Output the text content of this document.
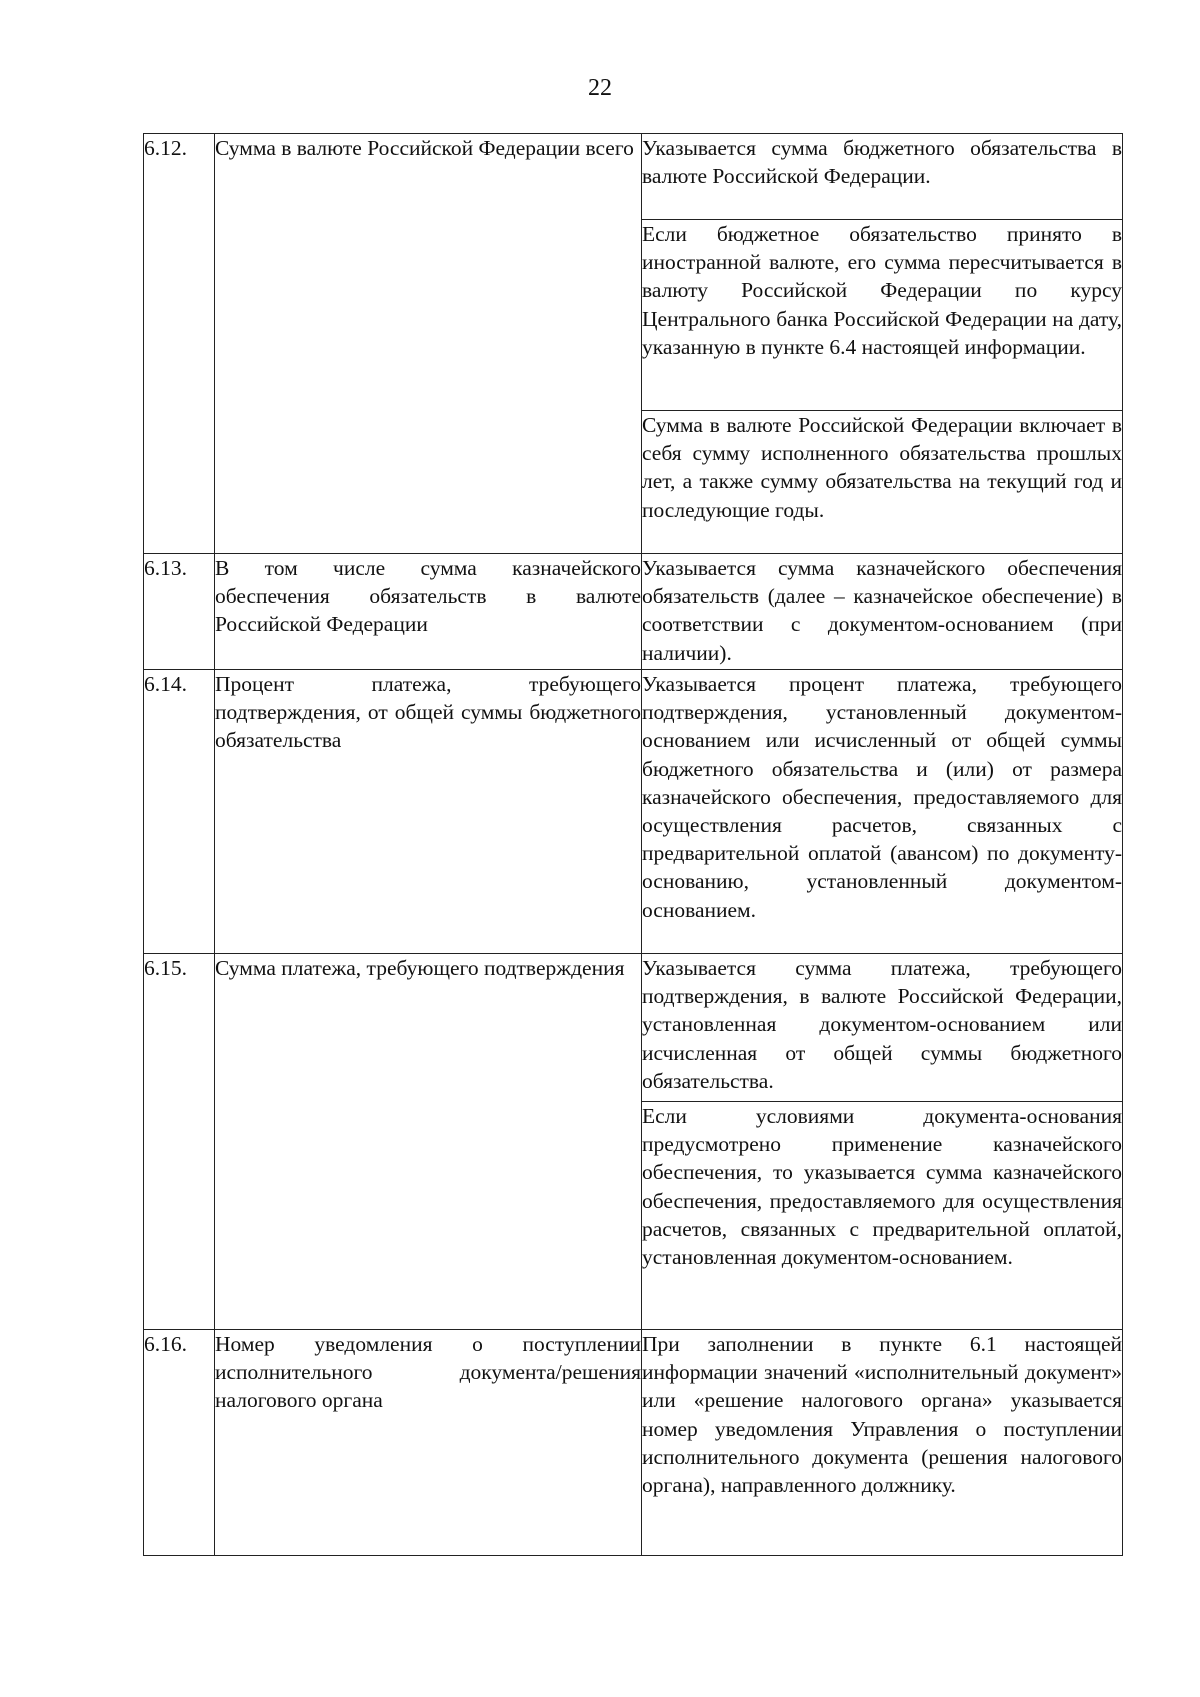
22
6.12.	Сумма в валюте Российской Федерации всего	Указывается сумма бюджетного обязательства в валюте Российской Федерации.
		Если бюджетное обязательство принято в иностранной валюте, его сумма пересчитывается в валюту Российской Федерации по курсу Центрального банка Российской Федерации на дату, указанную в пункте 6.4 настоящей информации.
		Сумма в валюте Российской Федерации включает в себя сумму исполненного обязательства прошлых лет, а также сумму обязательства на текущий год и последующие годы.
6.13.	В том числе сумма казначейского обеспечения обязательств в валюте Российской Федерации	Указывается сумма казначейского обеспечения обязательств (далее – казначейское обеспечение) в соответствии с документом-основанием (при наличии).
6.14.	Процент платежа, требующего подтверждения, от общей суммы бюджетного обязательства	Указывается процент платежа, требующего подтверждения, установленный документом-основанием или исчисленный от общей суммы бюджетного обязательства и (или) от размера казначейского обеспечения, предоставляемого для осуществления расчетов, связанных с предварительной оплатой (авансом) по документу-основанию, установленный документом-основанием.
6.15.	Сумма платежа, требующего подтверждения	Указывается сумма платежа, требующего подтверждения, в валюте Российской Федерации, установленная документом-основанием или исчисленная от общей суммы бюджетного обязательства.
		Если условиями документа-основания предусмотрено применение казначейского обеспечения, то указывается сумма казначейского обеспечения, предоставляемого для осуществления расчетов, связанных с предварительной оплатой, установленная документом-основанием.
6.16.	Номер уведомления о поступлении исполнительного документа/решения налогового органа	При заполнении в пункте 6.1 настоящей информации значений «исполнительный документ» или «решение налогового органа» указывается номер уведомления Управления о поступлении исполнительного документа (решения налогового органа), направленного должнику.
